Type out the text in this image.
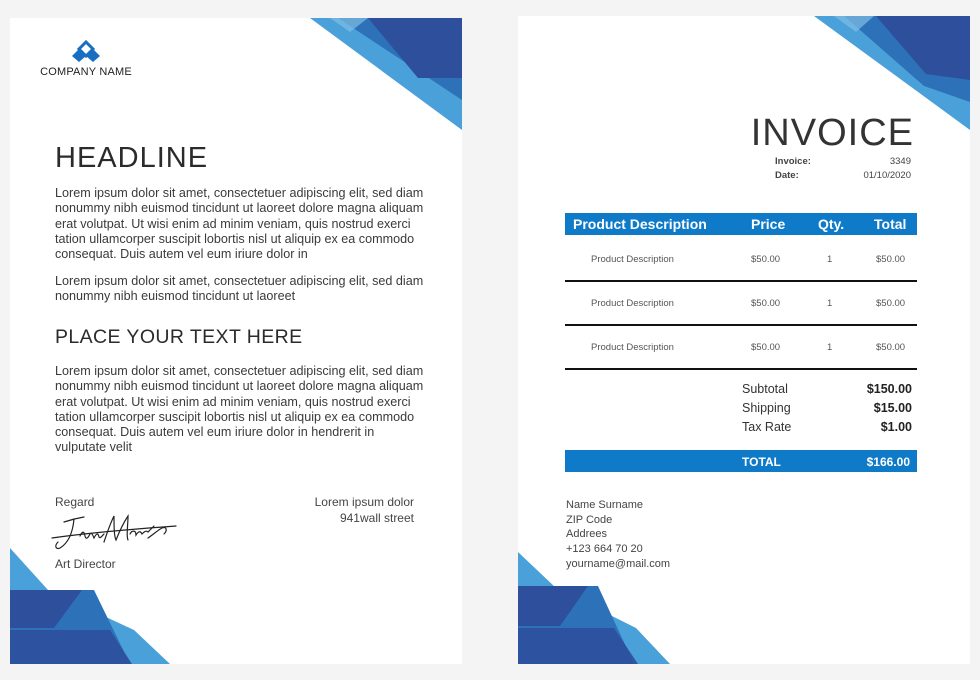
COMPANY NAME
HEADLINE

Lorem ipsum dolor sit amet, consectetuer adipiscing elit, sed diam nonummy nibh euismod tincidunt ut laoreet dolore magna aliquam erat volutpat. Ut wisi enim ad minim veniam, quis nostrud exerci tation ullamcorper suscipit lobortis nisl ut aliquip ex ea commodo consequat. Duis autem vel eum iriure dolor in

Lorem ipsum dolor sit amet, consectetuer adipiscing elit, sed diam nonummy nibh euismod tincidunt ut laoreet

PLACE YOUR TEXT HERE

Lorem ipsum dolor sit amet, consectetuer adipiscing elit, sed diam nonummy nibh euismod tincidunt ut laoreet dolore magna aliquam erat volutpat. Ut wisi enim ad minim veniam, quis nostrud exerci tation ullamcorper suscipit lobortis nisl ut aliquip ex ea commodo consequat. Duis autem vel eum iriure dolor in hendrerit in vulputate velit

Regard
Art Director
Lorem ipsum dolor
941wall street
INVOICE
Invoice:	3349
Date:	01/10/2020
Product Description	Price Qty. Total
Product Description	$50.00	1	$50.00
Product Description	$50.00	1	$50.00
Product Description	$50.00	1	$50.00
Subtotal	$150.00
Shipping	$15.00
Tax Rate	$1.00
TOTAL	$166.00
Name Surname
ZIP Code
Addrees
+123 664 70 20
yourname@mail.com
